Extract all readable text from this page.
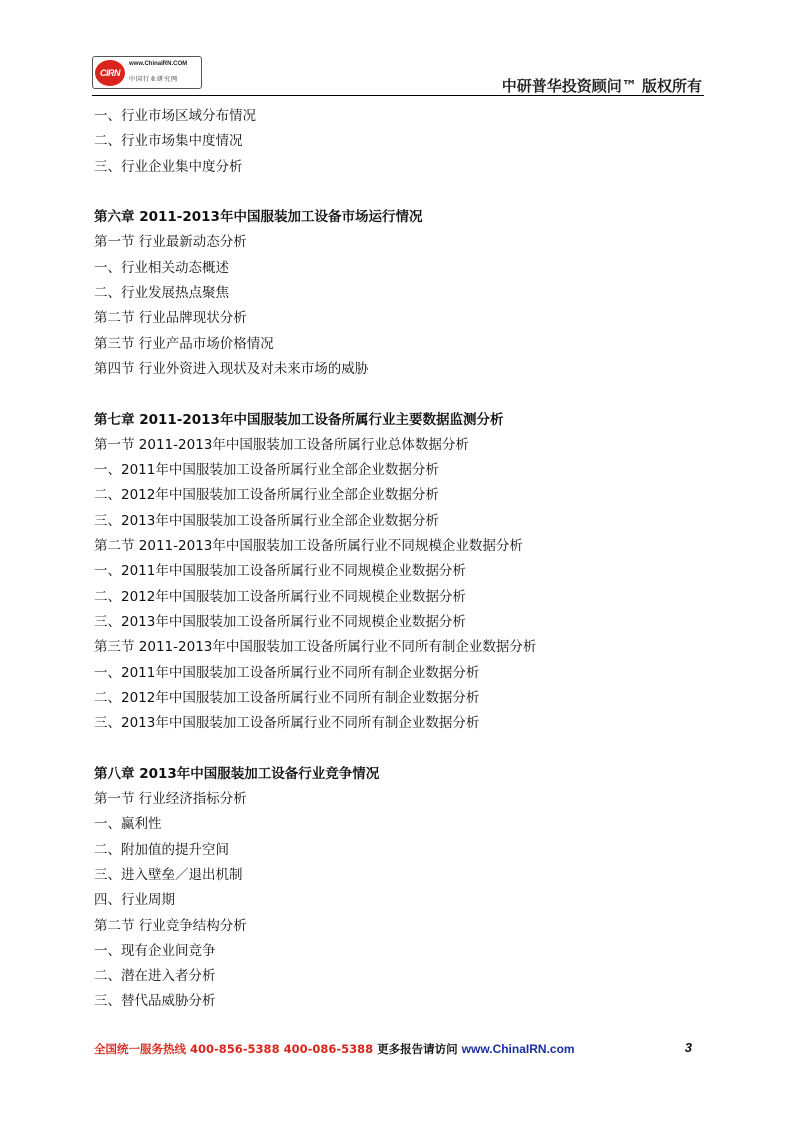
CIRN
www.ChinaIRN.COM
中国行业研究网	中研普华投资顾问™ 版权所有
一、行业市场区域分布情况
二、行业市场集中度情况
三、行业企业集中度分析
第六章 2011-2013年中国服装加工设备市场运行情况
第一节 行业最新动态分析
一、行业相关动态概述
二、行业发展热点聚焦
第二节 行业品牌现状分析
第三节 行业产品市场价格情况
第四节 行业外资进入现状及对未来市场的威胁
第七章 2011-2013年中国服装加工设备所属行业主要数据监测分析
第一节 2011-2013年中国服装加工设备所属行业总体数据分析
一、2011年中国服装加工设备所属行业全部企业数据分析
二、2012年中国服装加工设备所属行业全部企业数据分析
三、2013年中国服装加工设备所属行业全部企业数据分析
第二节 2011-2013年中国服装加工设备所属行业不同规模企业数据分析
一、2011年中国服装加工设备所属行业不同规模企业数据分析
二、2012年中国服装加工设备所属行业不同规模企业数据分析
三、2013年中国服装加工设备所属行业不同规模企业数据分析
第三节 2011-2013年中国服装加工设备所属行业不同所有制企业数据分析
一、2011年中国服装加工设备所属行业不同所有制企业数据分析
二、2012年中国服装加工设备所属行业不同所有制企业数据分析
三、2013年中国服装加工设备所属行业不同所有制企业数据分析
第八章 2013年中国服装加工设备行业竞争情况
第一节 行业经济指标分析
一、赢利性
二、附加值的提升空间
三、进入壁垒／退出机制
四、行业周期
第二节 行业竞争结构分析
一、现有企业间竞争
二、潜在进入者分析
三、替代品威胁分析
全国统一服务热线 400-856-5388 400-086-5388 更多报告请访问 www.ChinaIRN.com	3
